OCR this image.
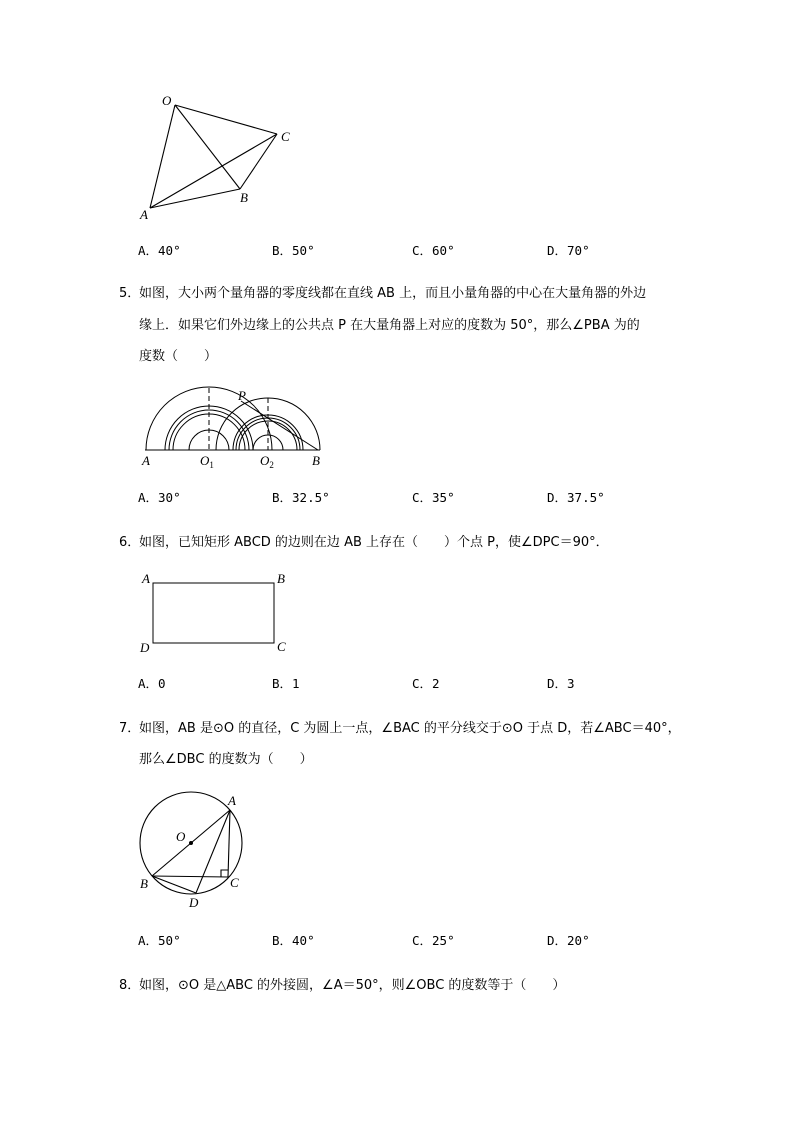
O
C
B
A
A．40°	B．50°	C．60°	D．70°
5．
如图，大小两个量角器的零度线都在直线 AB 上，而且小量角器的中心在大量角器的外边
缘上．如果它们外边缘上的公共点 P 在大量角器上对应的度数为 50°，那么∠PBA 为的
度数（　　）
A	$O_1$	$O_2$	B
P
A．30°	B．32.5°	C．35°	D．37.5°
6．
如图，已知矩形 ABCD 的边则在边 AB 上存在（　　）个点 P，使∠DPC＝90°．
A	B
D	C
A．0	B．1	C．2	D．3
7．
如图，AB 是⊙O 的直径，C 为圆上一点，∠BAC 的平分线交于⊙O 于点 D，若∠ABC＝40°，
那么∠DBC 的度数为（　　）
O
A
B	C
D
A．50°	B．40°	C．25°	D．20°
8．
如图，⊙O 是△ABC 的外接圆，∠A＝50°，则∠OBC 的度数等于（　　）
